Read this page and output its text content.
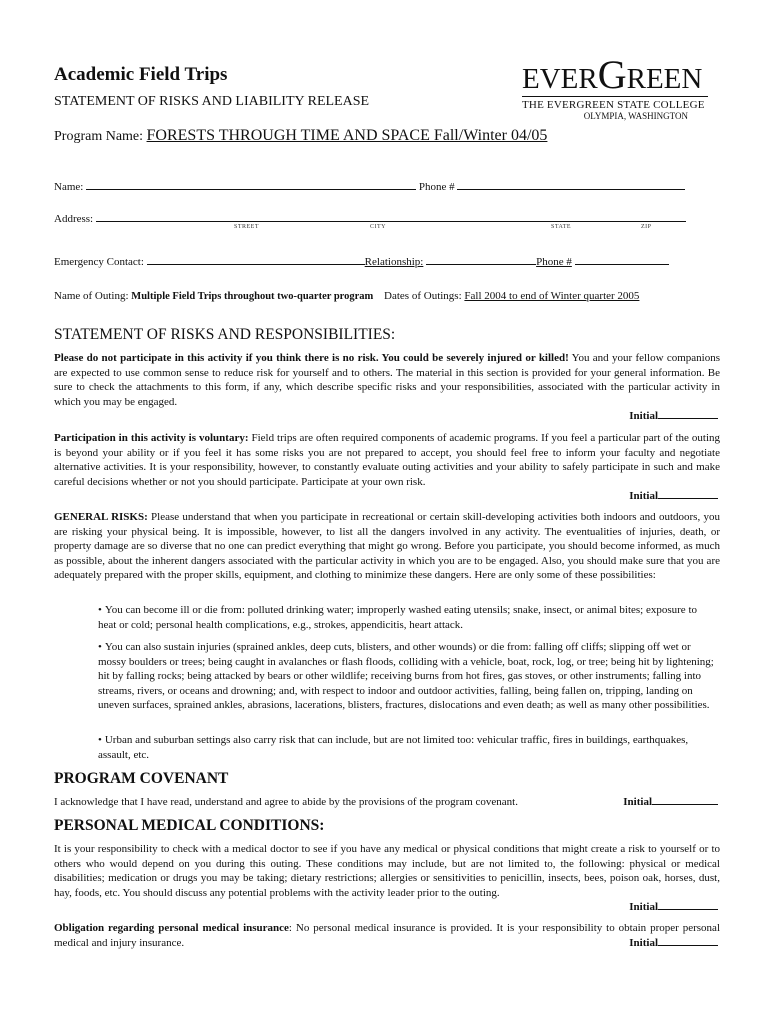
Academic Field Trips
STATEMENT OF RISKS AND LIABILITY RELEASE
Program Name: FORESTS THROUGH TIME AND SPACE Fall/Winter 04/05
EVERGREEN
THE EVERGREEN STATE COLLEGE
OLYMPIA, WASHINGTON
Name:	Phone #
Address:
STREET	CITY	STATE	ZIP
Emergency Contact:	Relationship:	Phone #
Name of Outing: Multiple Field Trips throughout two-quarter program Dates of Outings: Fall 2004 to end of Winter quarter 2005
STATEMENT OF RISKS AND RESPONSIBILITIES:
Please do not participate in this activity if you think there is no risk. You could be severely injured or killed! You and your fellow companions are expected to use common sense to reduce risk for yourself and to others. The material in this section is provided for your general information. Be sure to check the attachments to this form, if any, which describe specific risks and your responsibilities, associated with the particular activity in which you may be engaged.
Initial
Participation in this activity is voluntary: Field trips are often required components of academic programs. If you feel a particular part of the outing is beyond your ability or if you feel it has some risks you are not prepared to accept, you should feel free to inform your faculty and negotiate alternative activities. It is your responsibility, however, to constantly evaluate outing activities and your ability to safely participate in such and make careful decisions whether or not you should participate. Participate at your own risk.
Initial
GENERAL RISKS: Please understand that when you participate in recreational or certain skill-developing activities both indoors and outdoors, you are risking your physical being. It is impossible, however, to list all the dangers involved in any activity. The eventualities of injuries, death, or property damage are so diverse that no one can predict everything that might go wrong. Before you participate, you should become informed, as much as possible, about the inherent dangers associated with the particular activity in which you are to be engaged. Also, you should make sure that you are adequately prepared with the proper skills, equipment, and clothing to minimize these dangers. Here are only some of these possibilities:
• You can become ill or die from: polluted drinking water; improperly washed eating utensils; snake, insect, or animal bites; exposure to heat or cold; personal health complications, e.g., strokes, appendicitis, heart attack.
• You can also sustain injuries (sprained ankles, deep cuts, blisters, and other wounds) or die from: falling off cliffs; slipping off wet or mossy boulders or trees; being caught in avalanches or flash floods, colliding with a vehicle, boat, rock, log, or tree; being hit by lightening; hit by falling rocks; being attacked by bears or other wildlife; receiving burns from hot fires, gas stoves, or other instruments; falling into streams, rivers, or oceans and drowning; and, with respect to indoor and outdoor activities, falling, being fallen on, tripping, landing on uneven surfaces, sprained ankles, abrasions, lacerations, blisters, fractures, dislocations and even death; as well as many other possibilities.
• Urban and suburban settings also carry risk that can include, but are not limited too: vehicular traffic, fires in buildings, earthquakes, assault, etc.
PROGRAM COVENANT
I acknowledge that I have read, understand and agree to abide by the provisions of the program covenant.	Initial
PERSONAL MEDICAL CONDITIONS:
It is your responsibility to check with a medical doctor to see if you have any medical or physical conditions that might create a risk to yourself or to others who would depend on you during this outing. These conditions may include, but are not limited to, the following: physical or medical disabilities; medication or drugs you may be taking; dietary restrictions; allergies or sensitivities to penicillin, insects, bees, poison oak, horses, dust, hay, foods, etc. You should discuss any potential problems with the activity leader prior to the outing.
Initial
Obligation regarding personal medical insurance: No personal medical insurance is provided. It is your responsibility to obtain proper personal medical and injury insurance.	Initial
